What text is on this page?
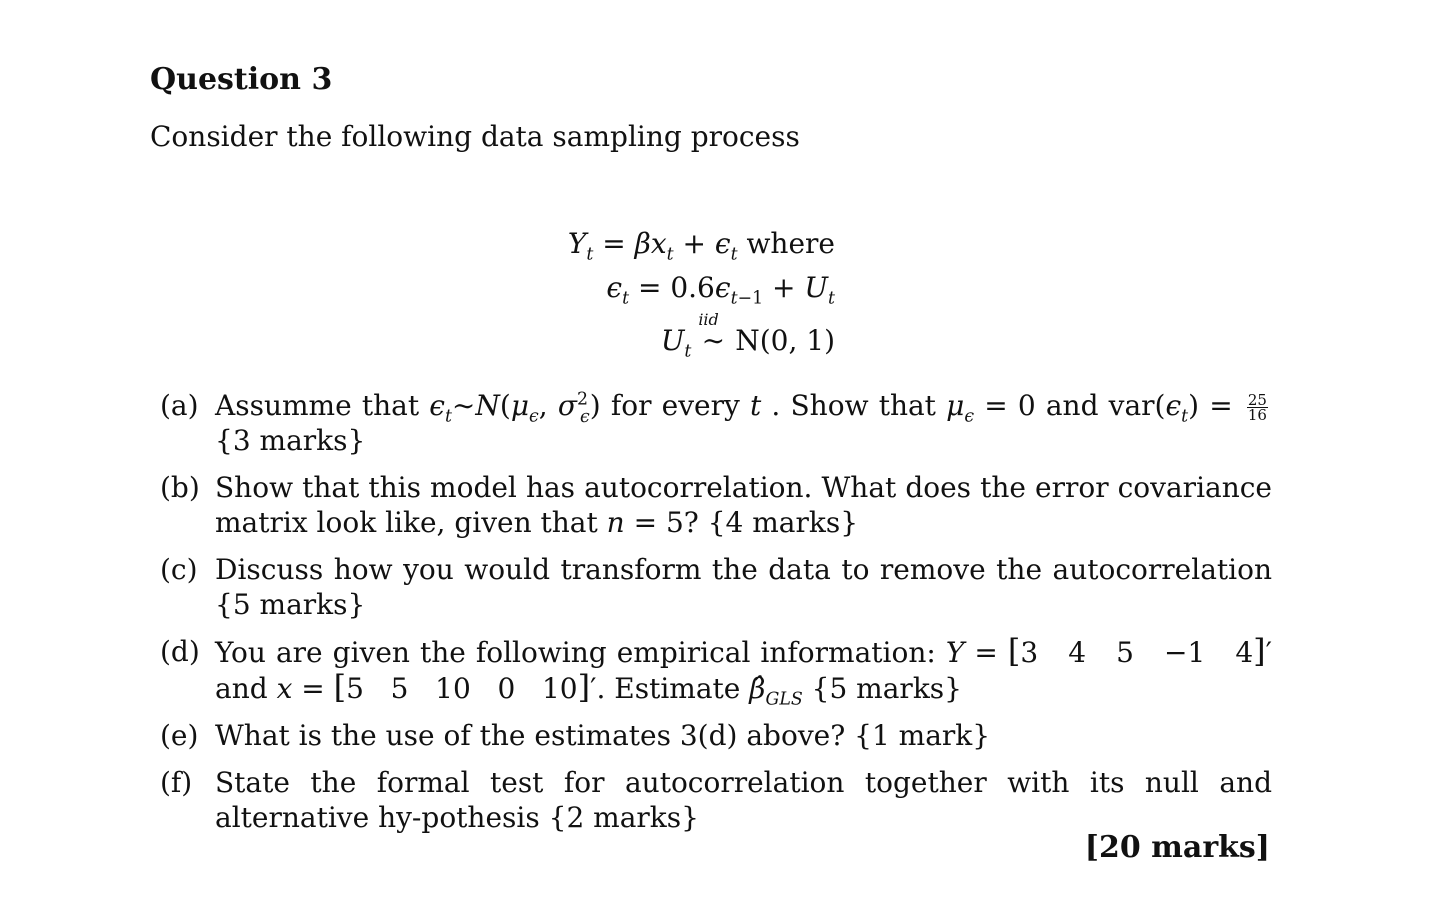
Question 3
Consider the following data sampling process
$Y_t = \beta x_t + \epsilon_t$ where
$\epsilon_t = 0.6\epsilon_{t-1} + U_t$
$U_t$
iid
∼ N(0, 1)
(a) Assumme that $\epsilon_t\sim N(\mu_\epsilon$, $\sigma^2_\epsilon$) for every t . Show that $\mu_\epsilon = 0$ and $var(\epsilon_t) = \frac{25}{16}$
{3 marks}
(b) Show that this model has autocorrelation. What does the error covariance matrix look like, given that n = 5? {4 marks}
(c) Discuss how you would transform the data to remove the autocorrelation {5 marks}
(d) You are given the following empirical information: Y = [3   4   5   −1   4]′ and x = [5   5   10   0   10]′. Estimate $\betâ_{GLS}$ {5 marks}
(e) What is the use of the estimates 3(d) above? {1 mark}
(f) State the formal test for autocorrelation together with its null and alternative hy-pothesis {2 marks}
[20 marks]
